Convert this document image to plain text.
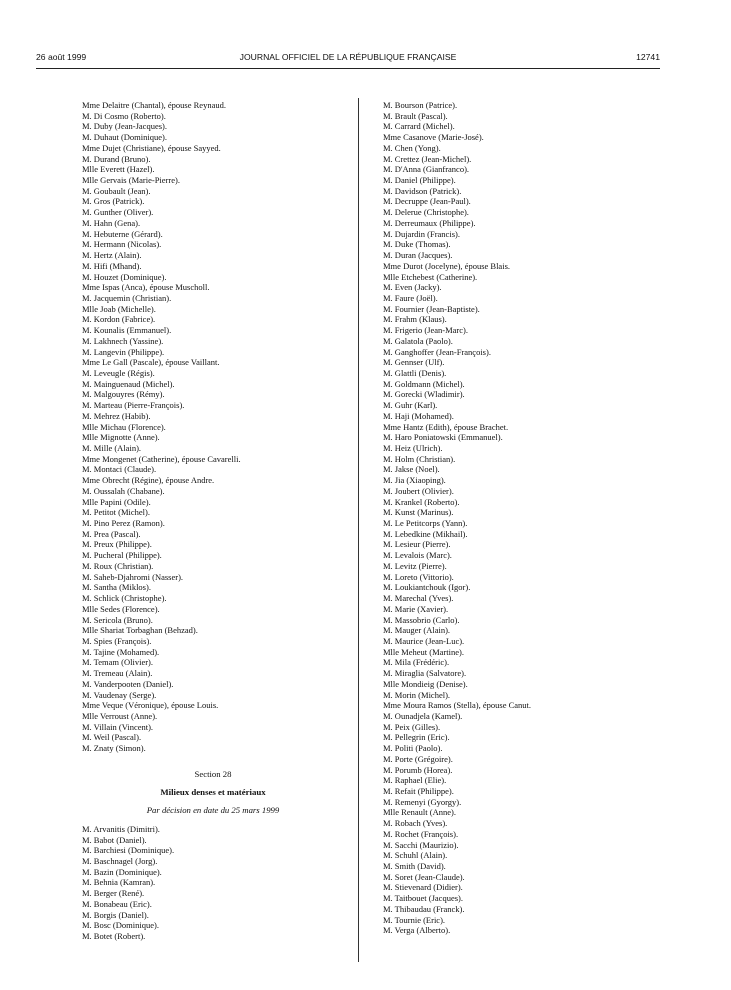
26 août 1999	JOURNAL OFFICIEL DE LA RÉPUBLIQUE FRANÇAISE	12741
Mme Delaitre (Chantal), épouse Reynaud.
M. Di Cosmo (Roberto).
M. Duby (Jean-Jacques).
M. Duhaut (Dominique).
Mme Dujet (Christiane), épouse Sayyed.
M. Durand (Bruno).
Mlle Everett (Hazel).
Mlle Gervais (Marie-Pierre).
M. Goubault (Jean).
M. Gros (Patrick).
M. Gunther (Oliver).
M. Hahn (Gena).
M. Hebuterne (Gérard).
M. Hermann (Nicolas).
M. Hertz (Alain).
M. Hifi (Mhand).
M. Houzet (Dominique).
Mme Ispas (Anca), épouse Muscholl.
M. Jacquemin (Christian).
Mlle Joab (Michelle).
M. Kordon (Fabrice).
M. Kounalis (Emmanuel).
M. Lakhnech (Yassine).
M. Langevin (Philippe).
Mme Le Gall (Pascale), épouse Vaillant.
M. Leveugle (Régis).
M. Mainguenaud (Michel).
M. Malgouyres (Rémy).
M. Marteau (Pierre-François).
M. Mehrez (Habib).
Mlle Michau (Florence).
Mlle Mignotte (Anne).
M. Mille (Alain).
Mme Mongenet (Catherine), épouse Cavarelli.
M. Montaci (Claude).
Mme Obrecht (Régine), épouse Andre.
M. Oussalah (Chabane).
Mlle Papini (Odile).
M. Petitot (Michel).
M. Pino Perez (Ramon).
M. Prea (Pascal).
M. Preux (Philippe).
M. Pucheral (Philippe).
M. Roux (Christian).
M. Saheb-Djahromi (Nasser).
M. Santha (Miklos).
M. Schlick (Christophe).
Mlle Sedes (Florence).
M. Sericola (Bruno).
Mlle Shariat Torbaghan (Behzad).
M. Spies (François).
M. Tajine (Mohamed).
M. Temam (Olivier).
M. Tremeau (Alain).
M. Vanderpooten (Daniel).
M. Vaudenay (Serge).
Mme Veque (Véronique), épouse Louis.
Mlle Verroust (Anne).
M. Villain (Vincent).
M. Weil (Pascal).
M. Znaty (Simon).
Section 28
Milieux denses et matériaux
Par décision en date du 25 mars 1999
M. Arvanitis (Dimitri).
M. Babot (Daniel).
M. Barchiesi (Dominique).
M. Baschnagel (Jorg).
M. Bazin (Dominique).
M. Behnia (Kamran).
M. Berger (René).
M. Bonabeau (Eric).
M. Borgis (Daniel).
M. Bosc (Dominique).
M. Botet (Robert).
M. Bourson (Patrice).
M. Brault (Pascal).
M. Carrard (Michel).
Mme Casanove (Marie-José).
M. Chen (Yong).
M. Crettez (Jean-Michel).
M. D'Anna (Gianfranco).
M. Daniel (Philippe).
M. Davidson (Patrick).
M. Decruppe (Jean-Paul).
M. Delerue (Christophe).
M. Derreumaux (Philippe).
M. Dujardin (Francis).
M. Duke (Thomas).
M. Duran (Jacques).
Mme Durot (Jocelyne), épouse Blais.
Mlle Etchebest (Catherine).
M. Even (Jacky).
M. Faure (Joël).
M. Fournier (Jean-Baptiste).
M. Frahm (Klaus).
M. Frigerio (Jean-Marc).
M. Galatola (Paolo).
M. Ganghoffer (Jean-François).
M. Gennser (Ulf).
M. Glattli (Denis).
M. Goldmann (Michel).
M. Gorecki (Wladimir).
M. Guhr (Karl).
M. Haji (Mohamed).
Mme Hantz (Edith), épouse Brachet.
M. Haro Poniatowski (Emmanuel).
M. Heiz (Ulrich).
M. Holm (Christian).
M. Jakse (Noel).
M. Jia (Xiaoping).
M. Joubert (Olivier).
M. Krankel (Roberto).
M. Kunst (Marinus).
M. Le Petitcorps (Yann).
M. Lebedkine (Mikhail).
M. Lesieur (Pierre).
M. Levalois (Marc).
M. Levitz (Pierre).
M. Loreto (Vittorio).
M. Loukiantchouk (Igor).
M. Marechal (Yves).
M. Marie (Xavier).
M. Massobrio (Carlo).
M. Mauger (Alain).
M. Maurice (Jean-Luc).
Mlle Meheut (Martine).
M. Mila (Frédéric).
M. Miraglia (Salvatore).
Mlle Mondieig (Denise).
M. Morin (Michel).
Mme Moura Ramos (Stella), épouse Canut.
M. Ounadjela (Kamel).
M. Peix (Gilles).
M. Pellegrin (Eric).
M. Politi (Paolo).
M. Porte (Grégoire).
M. Porumb (Horea).
M. Raphael (Elie).
M. Refait (Philippe).
M. Remenyi (Gyorgy).
Mlle Renault (Anne).
M. Robach (Yves).
M. Rochet (François).
M. Sacchi (Maurizio).
M. Schuhl (Alain).
M. Smith (David).
M. Soret (Jean-Claude).
M. Stievenard (Didier).
M. Taitbouet (Jacques).
M. Thibaudau (Franck).
M. Tournie (Eric).
M. Verga (Alberto).
